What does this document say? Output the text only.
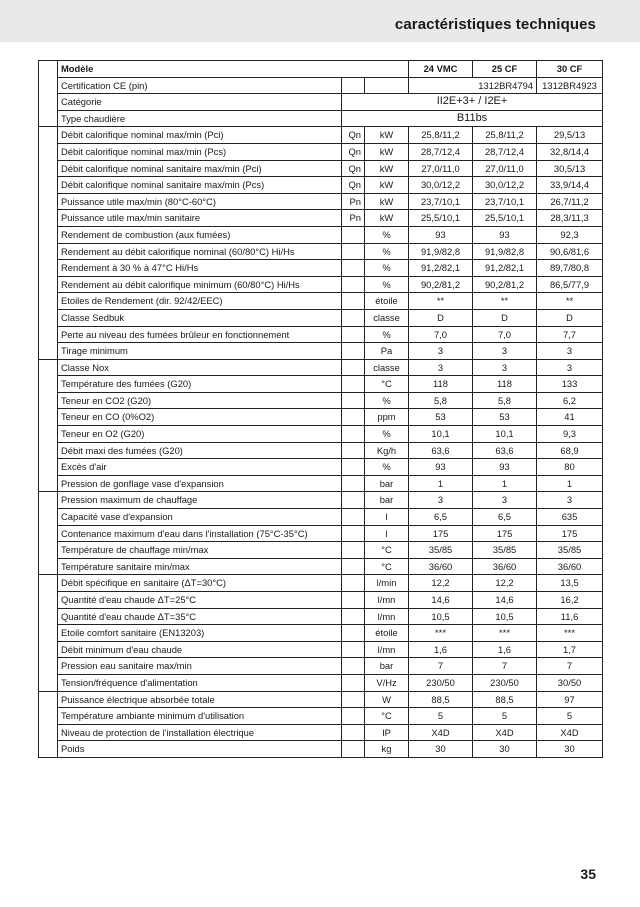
caractéristiques techniques
	Modèle			24 VMC	25 CF	30 CF
	Certification CE (pin)			1312BR4794		1312BR4923
	Catégorie	II2E+3+ / I2E+				
	Type chaudière	B11bs				
	Débit calorifique nominal max/min (Pci)	Qn	kW	25,8/11,2	25,8/11,2	29,5/13
	Débit calorifique nominal max/min (Pcs)	Qn	kW	28,7/12,4	28,7/12,4	32,8/14,4
	Débit calorifique nominal sanitaire max/min (Pci)	Qn	kW	27,0/11,0	27,0/11,0	30,5/13
	Débit calorifique nominal sanitaire max/min (Pcs)	Qn	kW	30,0/12,2	30,0/12,2	33,9/14,4
	Puissance utile max/min (80°C-60°C)	Pn	kW	23,7/10,1	23,7/10,1	26,7/11,2
	Puissance utile max/min sanitaire	Pn	kW	25,5/10,1	25,5/10,1	28,3/11,3
	Rendement de combustion (aux fumées)		%	93	93	92,3
	Rendement au débit calorifique nominal (60/80°C) Hi/Hs		%	91,9/82,8	91,9/82,8	90,6/81,6
	Rendement à 30 % à 47°C Hi/Hs		%	91,2/82,1	91,2/82,1	89,7/80,8
	Rendement au débit calorifique minimum (60/80°C) Hi/Hs		%	90,2/81,2	90,2/81,2	86,5/77,9
	Etoiles de Rendement (dir. 92/42/EEC)		étoile	**	**	**
	Classe Sedbuk		classe	D	D	D
	Perte au niveau des fumées brûleur en fonctionnement		%	7,0	7,0	7,7
	Tirage minimum		Pa	3	3	3
	Classe Nox		classe	3	3	3
	Température des fumées (G20)		°C	118	118	133
	Teneur en CO2 (G20)		%	5,8	5,8	6,2
	Teneur en CO (0%O2)		ppm	53	53	41
	Teneur en O2 (G20)		%	10,1	10,1	9,3
	Débit maxi des fumées (G20)		Kg/h	63,6	63,6	68,9
	Excès d'air		%	93	93	80
	Pression de gonflage vase d'expansion		bar	1	1	1
	Pression maximum de chauffage		bar	3	3	3
	Capacité vase d'expansion		l	6,5	6,5	635
	Contenance maximum d'eau dans l'installation (75°C-35°C)		l	175	175	175
	Température de chauffage min/max		°C	35/85	35/85	35/85
	Température sanitaire min/max		°C	36/60	36/60	36/60
	Débit spécifique en sanitaire (ΔT=30°C)		l/min	12,2	12,2	13,5
	Quantité d'eau chaude ΔT=25°C		l/mn	14,6	14,6	16,2
	Quantité d'eau chaude ΔT=35°C		l/mn	10,5	10,5	11,6
	Etoile comfort sanitaire (EN13203)		étoile	***	***	***
	Débit minimum d'eau chaude		l/mn	1,6	1,6	1,7
	Pression eau sanitaire max/min		bar	7	7	7
	Tension/fréquence d'alimentation		V/Hz	230/50	230/50	30/50
	Puissance électrique absorbée totale		W	88,5	88,5	97
	Température ambiante minimum d'utilisation		°C	5	5	5
	Niveau de protection de l'installation électrique		IP	X4D	X4D	X4D
	Poids		kg	30	30	30
35
